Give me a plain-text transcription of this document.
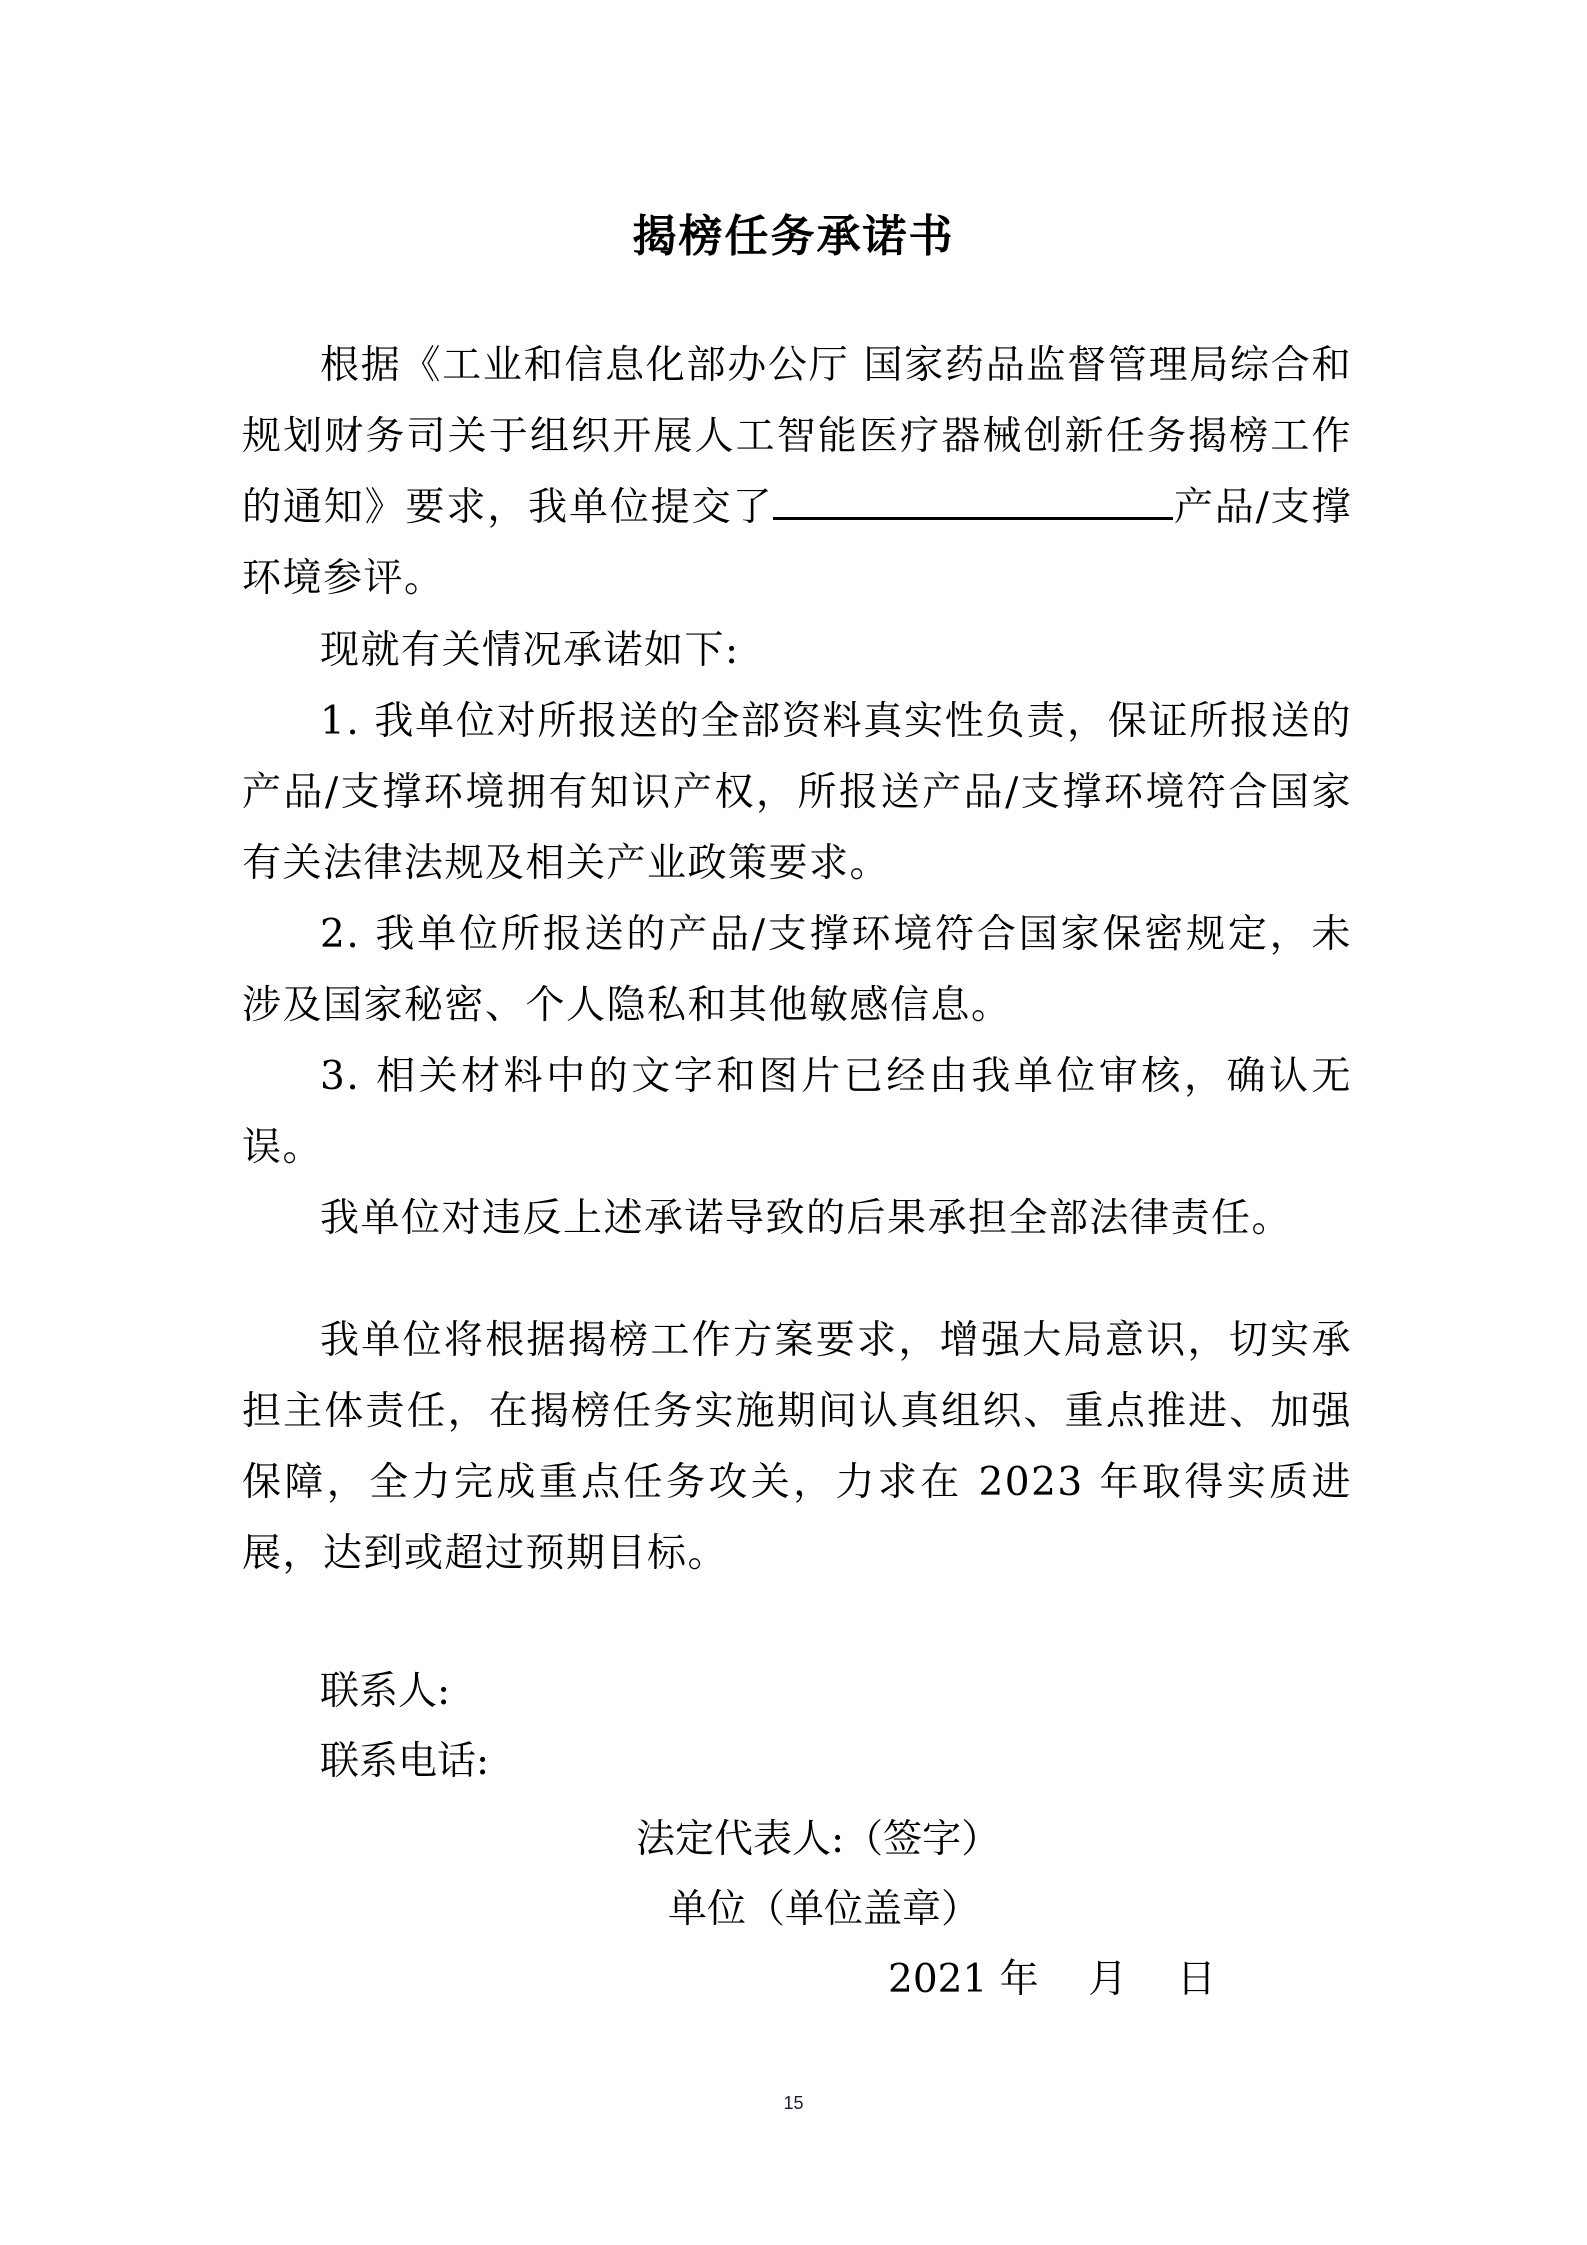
揭榜任务承诺书

根据《工业和信息化部办公厅 国家药品监督管理局综合和规划财务司关于组织开展人工智能医疗器械创新任务揭榜工作的通知》要求，我单位提交了	产品/支撑环境参评。

现就有关情况承诺如下:

1. 我单位对所报送的全部资料真实性负责，保证所报送的产品/支撑环境拥有知识产权，所报送产品/支撑环境符合国家有关法律法规及相关产业政策要求。

2. 我单位所报送的产品/支撑环境符合国家保密规定，未涉及国家秘密、个人隐私和其他敏感信息。

3. 相关材料中的文字和图片已经由我单位审核，确认无误。

我单位对违反上述承诺导致的后果承担全部法律责任。

我单位将根据揭榜工作方案要求，增强大局意识，切实承担主体责任，在揭榜任务实施期间认真组织、重点推进、加强保障，全力完成重点任务攻关，力求在 2023 年取得实质进展，达到或超过预期目标。

联系人:
联系电话:
法定代表人:（签字）
单位（单位盖章）
2021 年    月    日
15
